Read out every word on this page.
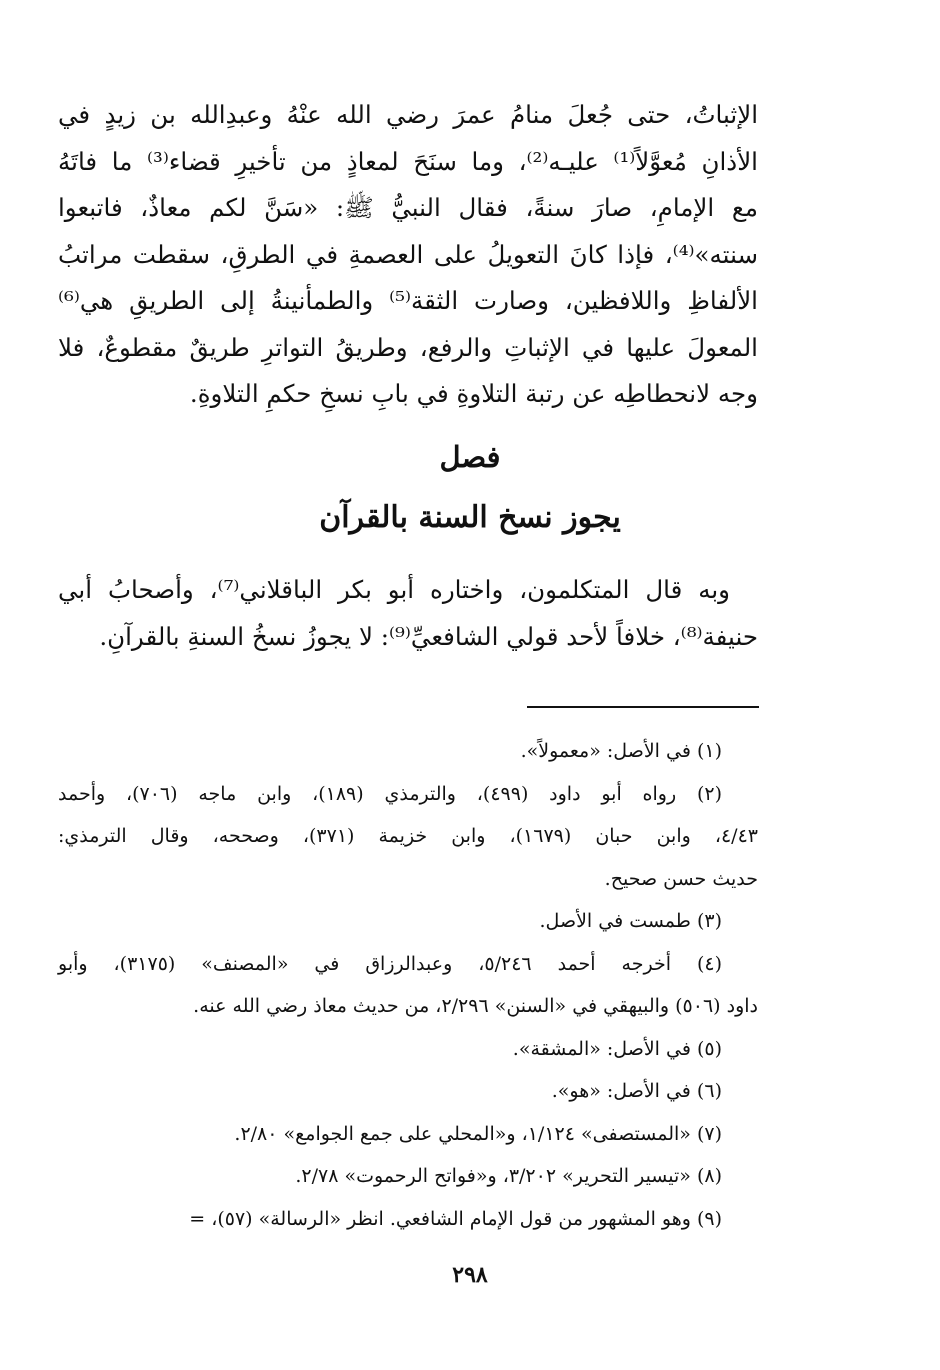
الإثباتُ، حتى جُعلَ منامُ عمرَ رضي الله عنْهُ وعبدِالله بن زيدٍ في
الأذانِ مُعوَّلاً⁽¹⁾ عليـه⁽²⁾، وما سنَحَ لمعاذٍ من تأخيرِ قضاء⁽³⁾ ما فاتَهُ
مع الإمامِ، صارَ سنةً، فقال النبيُّ ﷺ: «سَنَّ لكم معاذٌ، فاتبعوا
سنته»⁽⁴⁾، فإذا كانَ التعويلُ على العصمةِ في الطرقِ، سقطت مراتبُ
الألفاظِ واللافظين، وصارت الثقة⁽⁵⁾ والطمأنينةُ إلى الطريقِ هي⁽⁶⁾
المعولَ عليها في الإثباتِ والرفع، وطريقُ التواترِ طريقٌ مقطوعٌ، فلا
وجه لانحطاطِه عن رتبة التلاوةِ في بابِ نسخِ حكمِ التلاوةِ.
فصل
يجوز نسخ السنة بالقرآن
وبه قال المتكلمون، واختاره أبو بكر الباقلاني⁽⁷⁾، وأصحابُ أبي
حنيفة⁽⁸⁾، خلافاً لأحد قولي الشافعيِّ⁽⁹⁾: لا يجوزُ نسخُ السنةِ بالقرآنِ.
(١) في الأصل: «معمولاً».
(٢) رواه أبو داود (٤٩٩)، والترمذي (١٨٩)، وابن ماجه (٧٠٦)، وأحمد
٤/٤٣، وابن حبان (١٦٧٩)، وابن خزيمة (٣٧١)، وصححه، وقال الترمذي:
حديث حسن صحيح.
(٣) طمست في الأصل.
(٤) أخرجه أحمد ٥/٢٤٦، وعبدالرزاق في «المصنف» (٣١٧٥)، وأبو
داود (٥٠٦) والبيهقي في «السنن» ٢/٢٩٦، من حديث معاذ رضي الله عنه.
(٥) في الأصل: «المشقة».
(٦) في الأصل: «هو».
(٧) «المستصفى» ١/١٢٤، و«المحلي على جمع الجوامع» ٢/٨٠.
(٨) «تيسير التحرير» ٣/٢٠٢، و«فواتح الرحموت» ٢/٧٨.
(٩) وهو المشهور من قول الإمام الشافعي. انظر «الرسالة» (٥٧)، =
٢٩٨
